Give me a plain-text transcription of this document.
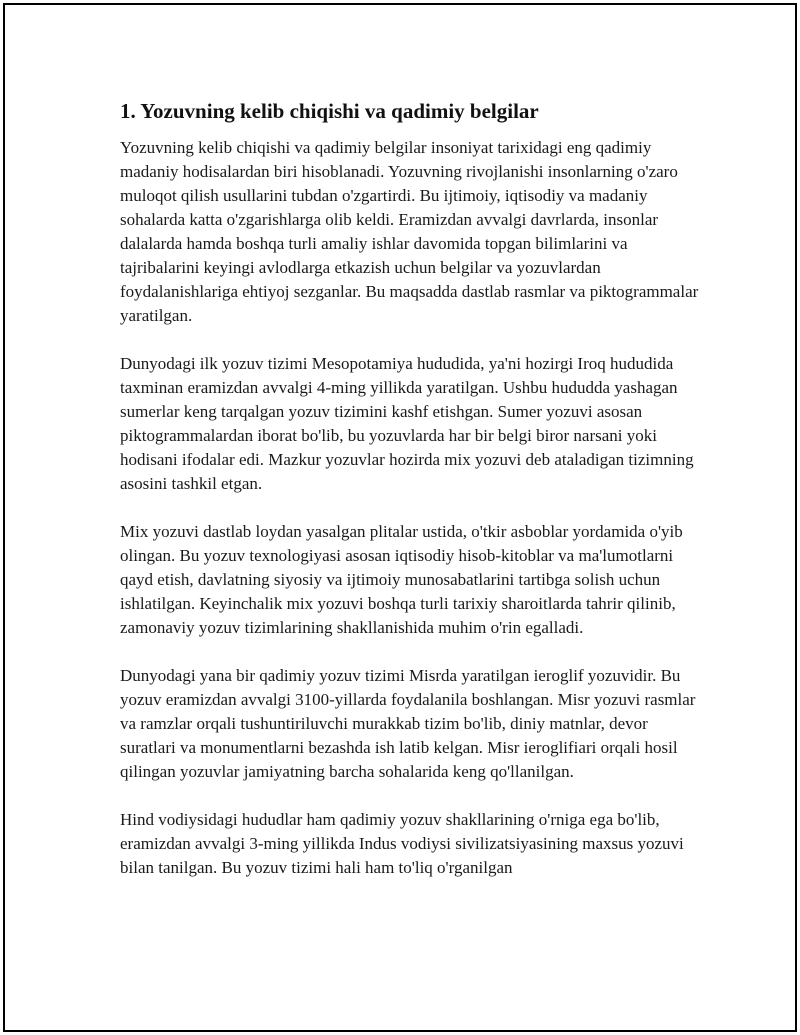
1. Yozuvning kelib chiqishi va qadimiy belgilar

Yozuvning kelib chiqishi va qadimiy belgilar insoniyat tarixidagi eng qadimiy madaniy hodisalardan biri hisoblanadi. Yozuvning rivojlanishi insonlarning o'zaro muloqot qilish usullarini tubdan o'zgartirdi. Bu ijtimoiy, iqtisodiy va madaniy sohalarda katta o'zgarishlarga olib keldi. Eramizdan avvalgi davrlarda, insonlar dalalarda hamda boshqa turli amaliy ishlar davomida topgan bilimlarini va tajribalarini keyingi avlodlarga etkazish uchun belgilar va yozuvlardan foydalanishlariga ehtiyoj sezganlar. Bu maqsadda dastlab rasmlar va piktogrammalar yaratilgan.

Dunyodagi ilk yozuv tizimi Mesopotamiya hududida, ya'ni hozirgi Iroq hududida taxminan eramizdan avvalgi 4-ming yillikda yaratilgan. Ushbu hududda yashagan sumerlar keng tarqalgan yozuv tizimini kashf etishgan. Sumer yozuvi asosan piktogrammalardan iborat bo'lib, bu yozuvlarda har bir belgi biror narsani yoki hodisani ifodalar edi. Mazkur yozuvlar hozirda mix yozuvi deb ataladigan tizimning asosini tashkil etgan.

Mix yozuvi dastlab loydan yasalgan plitalar ustida, o'tkir asboblar yordamida o'yib olingan. Bu yozuv texnologiyasi asosan iqtisodiy hisob-kitoblar va ma'lumotlarni qayd etish, davlatning siyosiy va ijtimoiy munosabatlarini tartibga solish uchun ishlatilgan. Keyinchalik mix yozuvi boshqa turli tarixiy sharoitlarda tahrir qilinib, zamonaviy yozuv tizimlarining shakllanishida muhim o'rin egalladi.

Dunyodagi yana bir qadimiy yozuv tizimi Misrda yaratilgan ieroglif yozuvidir. Bu yozuv eramizdan avvalgi 3100-yillarda foydalanila boshlangan. Misr yozuvi rasmlar va ramzlar orqali tushuntiriluvchi murakkab tizim bo'lib, diniy matnlar, devor suratlari va monumentlarni bezashda ish latib kelgan. Misr ieroglifiari orqali hosil qilingan yozuvlar jamiyatning barcha sohalarida keng qo'llanilgan.

Hind vodiysidagi hududlar ham qadimiy yozuv shakllarining o'rniga ega bo'lib, eramizdan avvalgi 3-ming yillikda Indus vodiysi sivilizatsiyasining maxsus yozuvi bilan tanilgan. Bu yozuv tizimi hali ham to'liq o'rganilgan
